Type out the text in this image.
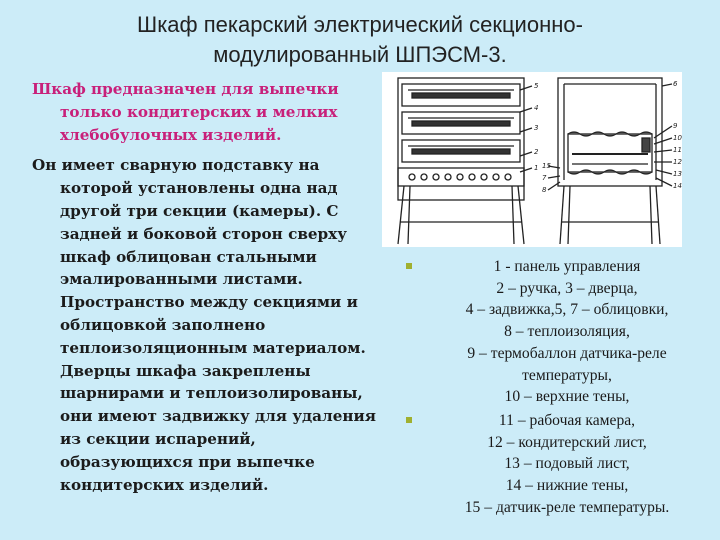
Шкаф пекарский электрический секционно-
модулированный ШПЭСМ-3.

Шкаф предназначен для выпечки только кондитерских и мелких хлебобулочных изделий.

Он имеет сварную подставку на которой установлены одна над другой три секции (камеры). С задней и боковой сторон сверху шкаф облицован стальными эмалированными листами. Пространство между секциями и облицовкой заполнено теплоизоляционным материалом. Дверцы шкафа закреплены шарнирами и теплоизолированы, они имеют задвижку для удаления из секции испарений, образующихся при выпечке кондитерских изделий.

5
4
3
2
1
6
9
10
11
12
13
14
15
7
8
1 - панель управления
2 – ручка, 3 – дверца,
4 – задвижка,5, 7 – облицовки,
8 – теплоизоляция,
9 – термобаллон датчика-реле температуры,
10 – верхние тены,
11 – рабочая камера,
12 – кондитерский лист,
13 – подовый лист,
14 – нижние тены,
15 – датчик-реле температуры.
